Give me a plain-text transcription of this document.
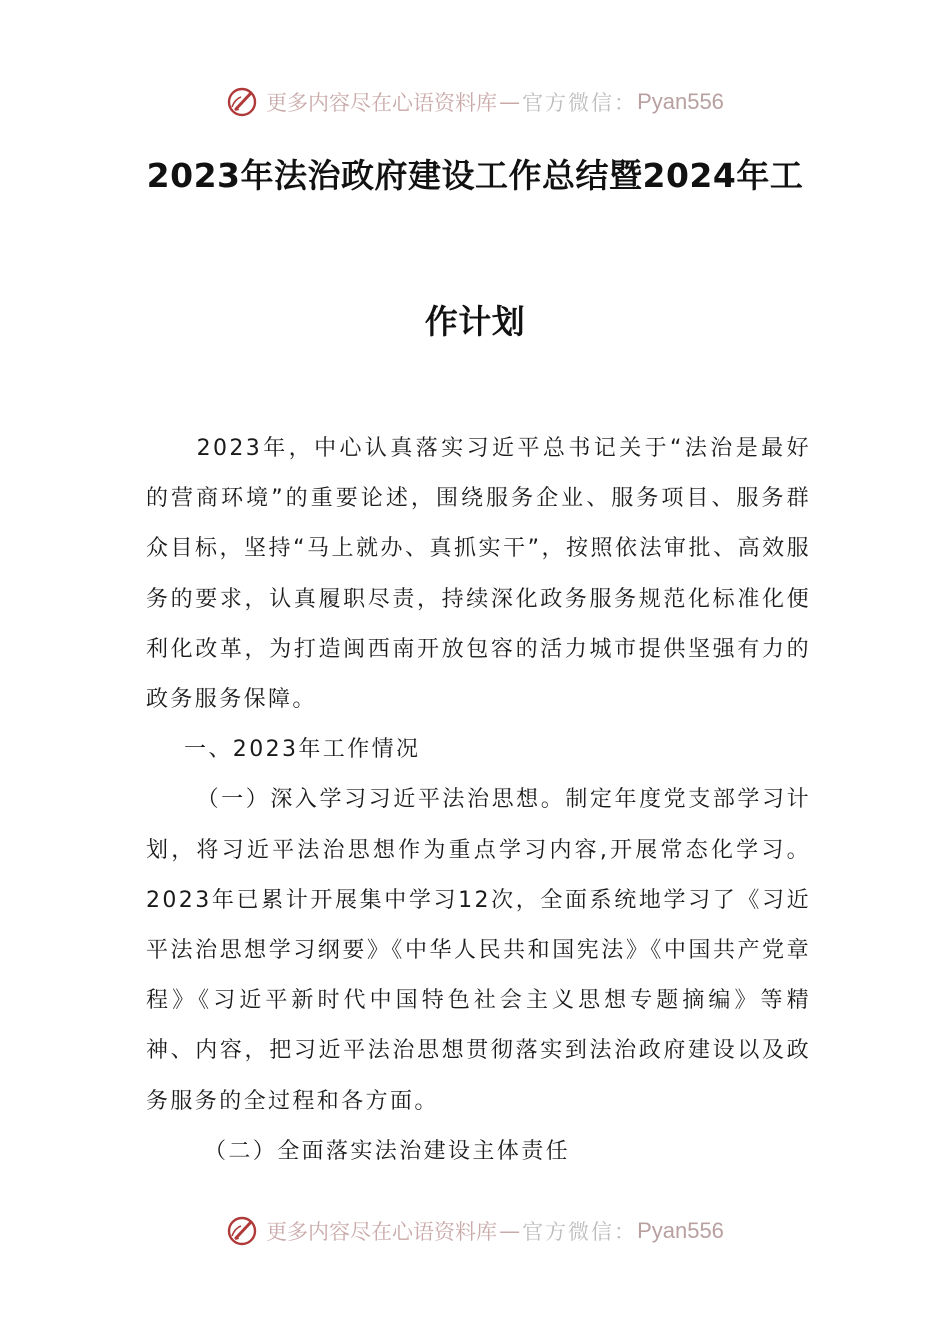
更多内容尽在心语资料库 — 官方微信： Pyan556
2023年法治政府建设工作总结暨2024年工
作计划

2023年，中心认真落实习近平总书记关于“法治是最好的营商环境”的重要论述，围绕服务企业、服务项目、服务群众目标，坚持“马上就办、真抓实干”，按照依法审批、高效服务的要求，认真履职尽责，持续深化政务服务规范化标准化便利化改革，为打造闽西南开放包容的活力城市提供坚强有力的政务服务保障。

一、2023年工作情况

（一）深入学习习近平法治思想。制定年度党支部学习计划，将习近平法治思想作为重点学习内容,开展常态化学习。2023年已累计开展集中学习12次，全面系统地学习了《习近平法治思想学习纲要》《中华人民共和国宪法》《中国共产党章程》《习近平新时代中国特色社会主义思想专题摘编》等精神、内容，把习近平法治思想贯彻落实到法治政府建设以及政务服务的全过程和各方面。

（二）全面落实法治建设主体责任

更多内容尽在心语资料库 — 官方微信： Pyan556
